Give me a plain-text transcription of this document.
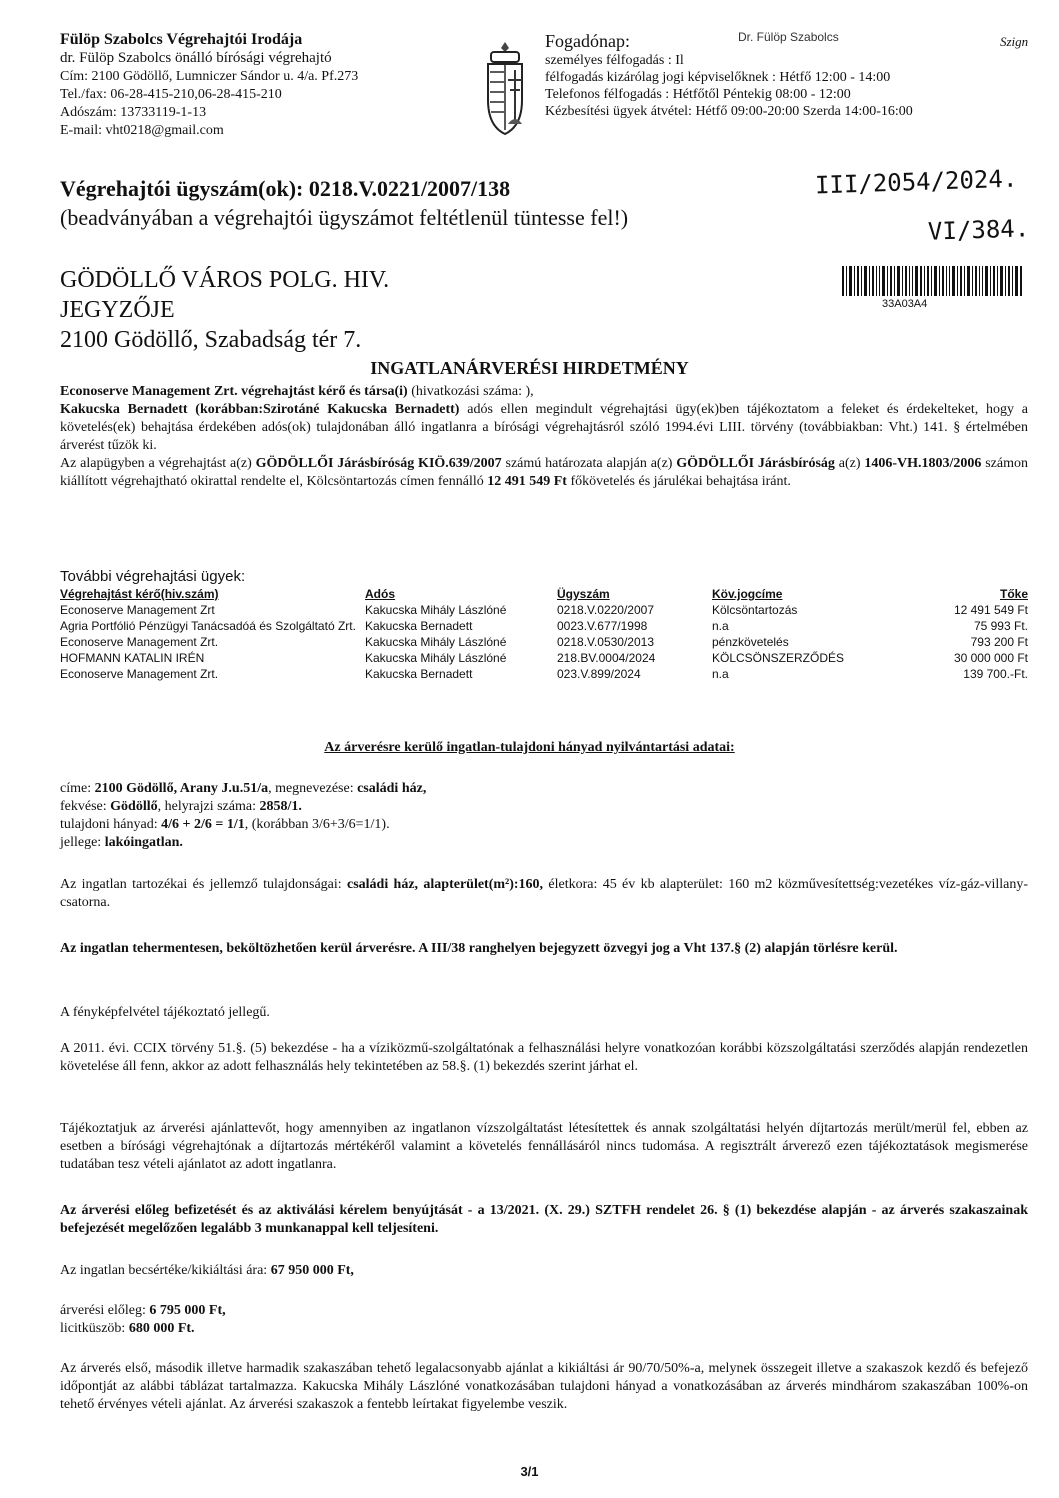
Fülöp Szabolcs Végrehajtói Irodája
dr. Fülöp Szabolcs önálló bírósági végrehajtó
Cím: 2100 Gödöllő, Lumniczer Sándor u. 4/a. Pf.273
Tel./fax: 06-28-415-210,06-28-415-210
Adószám: 13733119-1-13
E-mail: vht0218@gmail.com
Fogadónap:
személyes félfogadás : Il
félfogadás kizárólag jogi képviselőknek : Hétfő 12:00 - 14:00
Telefonos félfogadás : Hétfőtől Péntekig 08:00 - 12:00
Kézbesítési ügyek átvétel: Hétfő 09:00-20:00 Szerda 14:00-16:00
Dr. Fülöp Szabolcs	Szign
Végrehajtói ügyszám(ok): 0218.V.0221/2007/138
(beadványában a végrehajtói ügyszámot feltétlenül tüntesse fel!)
III/2054/2024.
VI/384.
GÖDÖLLŐ VÁROS POLG. HIV.
JEGYZŐJE
2100 Gödöllő, Szabadság tér 7.
33A03A4
INGATLANÁRVERÉSI HIRDETMÉNY
Econoserve Management Zrt. végrehajtást kérő és társa(i) (hivatkozási száma: ),
Kakucska Bernadett (korábban:Szirotáné Kakucska Bernadett) adós ellen megindult végrehajtási ügy(ek)ben tájékoztatom a feleket és érdekelteket, hogy a követelés(ek) behajtása érdekében adós(ok) tulajdonában álló ingatlanra a bírósági végrehajtásról szóló 1994.évi LIII. törvény (továbbiakban: Vht.) 141. § értelmében árverést tűzök ki.
Az alapügyben a végrehajtást a(z) GÖDÖLLŐI Járásbíróság KIÖ.639/2007 számú határozata alapján a(z) GÖDÖLLŐI Járásbíróság a(z) 1406-VH.1803/2006 számon kiállított végrehajtható okirattal rendelte el, Kölcsöntartozás címen fennálló 12 491 549 Ft főkövetelés és járulékai behajtása iránt.
További végrehajtási ügyek:
Végrehajtást kérő(hiv.szám)	Adós	Ügyszám	Köv.jogcíme	Tőke
Econoserve Management Zrt	Kakucska Mihály Lászlóné	0218.V.0220/2007	Kölcsöntartozás	12 491 549 Ft
Agria Portfólió Pénzügyi Tanácsadóá és Szolgáltató Zrt.	Kakucska Bernadett	0023.V.677/1998	n.a	75 993 Ft.
Econoserve Management Zrt.	Kakucska Mihály Lászlóné	0218.V.0530/2013	pénzkövetelés	793 200 Ft
HOFMANN KATALIN IRÉN	Kakucska Mihály Lászlóné	218.BV.0004/2024	KÖLCSÖNSZERZŐDÉS	30 000 000 Ft
Econoserve Management Zrt.	Kakucska Bernadett	023.V.899/2024	n.a	139 700.-Ft.
Az árverésre kerülő ingatlan-tulajdoni hányad nyilvántartási adatai:
címe: 2100 Gödöllő, Arany J.u.51/a, megnevezése: családi ház,
fekvése: Gödöllő, helyrajzi száma: 2858/1.
tulajdoni hányad: 4/6 + 2/6 = 1/1, (korábban 3/6+3/6=1/1).
jellege: lakóingatlan.
Az ingatlan tartozékai és jellemző tulajdonságai: családi ház, alapterület(m²):160, életkora: 45 év kb alapterület: 160 m2 közművesítettség:vezetékes víz-gáz-villany-csatorna.
Az ingatlan tehermentesen, beköltözhetően kerül árverésre. A III/38 ranghelyen bejegyzett özvegyi jog a Vht 137.§ (2) alapján törlésre kerül.
A fényképfelvétel tájékoztató jellegű.
A 2011. évi. CCIX törvény 51.§. (5) bekezdése - ha a víziközmű-szolgáltatónak a felhasználási helyre vonatkozóan korábbi közszolgáltatási szerződés alapján rendezetlen követelése áll fenn, akkor az adott felhasználás hely tekintetében az 58.§. (1) bekezdés szerint járhat el.
Tájékoztatjuk az árverési ajánlattevőt, hogy amennyiben az ingatlanon vízszolgáltatást létesítettek és annak szolgáltatási helyén díjtartozás merült/merül fel, ebben az esetben a bírósági végrehajtónak a díjtartozás mértékéről valamint a követelés fennállásáról nincs tudomása. A regisztrált árverező ezen tájékoztatások megismerése tudatában tesz vételi ajánlatot az adott ingatlanra.
Az árverési előleg befizetését és az aktiválási kérelem benyújtását - a 13/2021. (X. 29.) SZTFH rendelet 26. § (1) bekezdése alapján - az árverés szakaszainak befejezését megelőzően legalább 3 munkanappal kell teljesíteni.
Az ingatlan becsértéke/kikiáltási ára: 67 950 000 Ft,
árverési előleg: 6 795 000 Ft,
licitküszöb: 680 000 Ft.
Az árverés első, második illetve harmadik szakaszában tehető legalacsonyabb ajánlat a kikiáltási ár 90/70/50%-a, melynek összegeit illetve a szakaszok kezdő és befejező időpontját az alábbi táblázat tartalmazza. Kakucska Mihály Lászlóné vonatkozásában tulajdoni hányad a vonatkozásában az árverés mindhárom szakaszában 100%-on tehető érvényes vételi ajánlat. Az árverési szakaszok a fentebb leírtakat figyelembe veszik.
3/1
